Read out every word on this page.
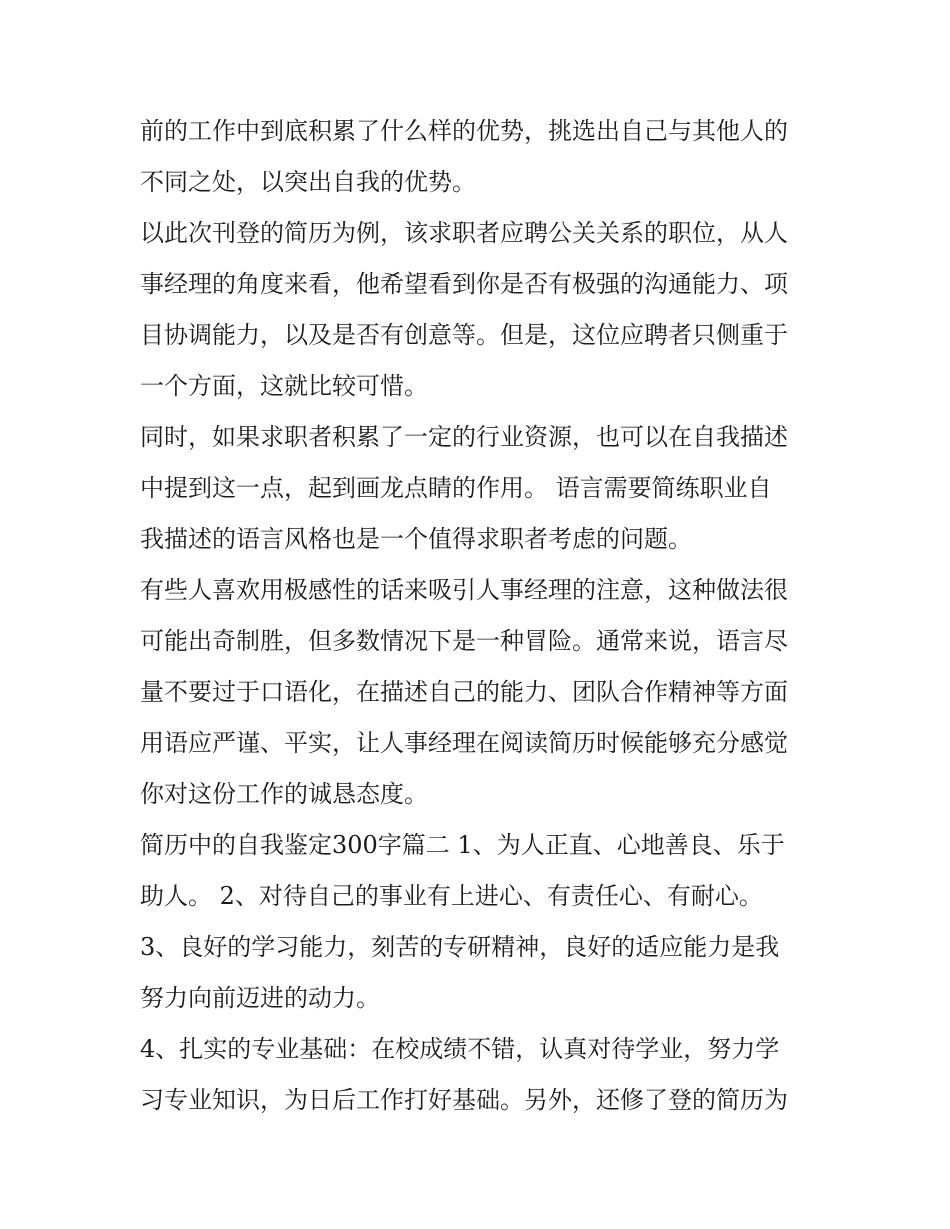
前的工作中到底积累了什么样的优势，挑选出自己与其他人的
不同之处，以突出自我的优势。
以此次刊登的简历为例，该求职者应聘公关关系的职位，从人
事经理的角度来看，他希望看到你是否有极强的沟通能力、项
目协调能力，以及是否有创意等。但是，这位应聘者只侧重于
一个方面，这就比较可惜。
同时，如果求职者积累了一定的行业资源，也可以在自我描述
中提到这一点，起到画龙点睛的作用。 语言需要简练职业自
我描述的语言风格也是一个值得求职者考虑的问题。
有些人喜欢用极感性的话来吸引人事经理的注意，这种做法很
可能出奇制胜，但多数情况下是一种冒险。通常来说，语言尽
量不要过于口语化，在描述自己的能力、团队合作精神等方面
用语应严谨、平实，让人事经理在阅读简历时候能够充分感觉
你对这份工作的诚恳态度。
简历中的自我鉴定300字篇二 1、为人正直、心地善良、乐于
助人。 2、对待自己的事业有上进心、有责任心、有耐心。
3、良好的学习能力，刻苦的专研精神，良好的适应能力是我
努力向前迈进的动力。
4、扎实的专业基础：在校成绩不错，认真对待学业，努力学
习专业知识，为日后工作打好基础。另外，还修了登的简历为
